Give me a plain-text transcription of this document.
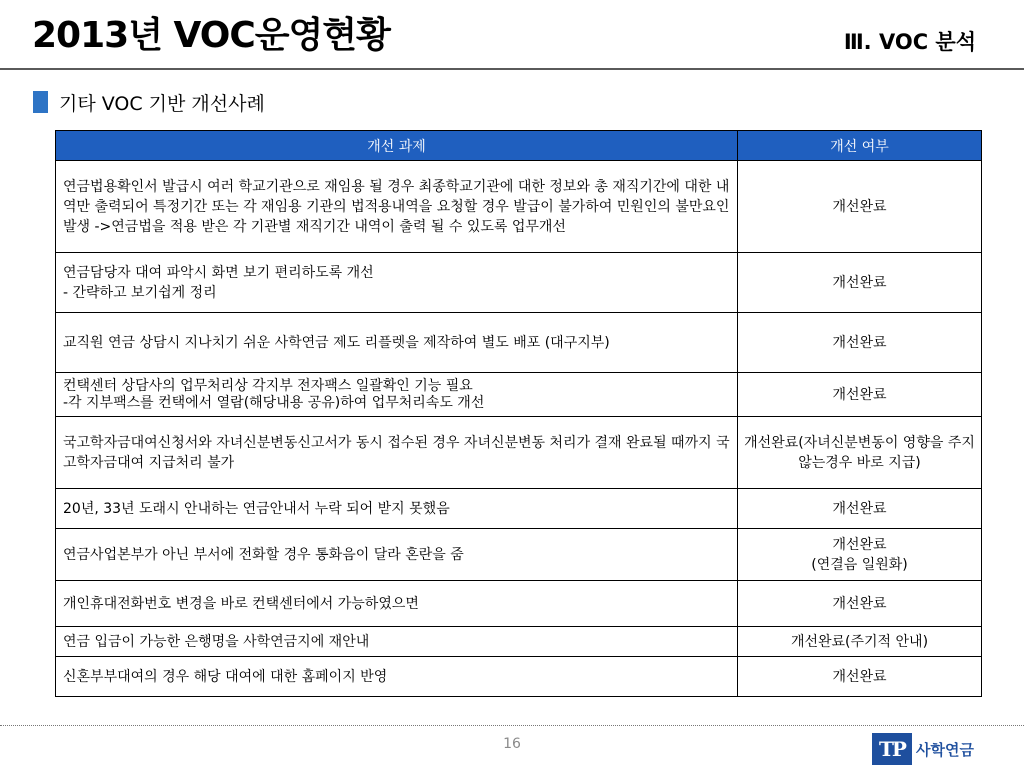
2013년 VOC운영현황	Ⅲ. VOC 분석
기타 VOC 기반 개선사례
개선 과제	개선 여부
연금법용확인서 발급시 여러 학교기관으로 재임용 될 경우 최종학교기관에 대한 정보와 총 재직기간에 대한 내역만 출력되어 특정기간 또는 각 재임용 기관의 법적용내역을 요청할 경우 발급이 불가하여 민원인의 불만요인 발생 ->연금법을 적용 받은 각 기관별 재직기간 내역이 출력 될 수 있도록 업무개선	개선완료
연금담당자 대여 파악시 화면 보기 편리하도록 개선
- 간략하고 보기쉽게 정리	개선완료
교직원 연금 상담시 지나치기 쉬운 사학연금 제도 리플렛을 제작하여 별도 배포 (대구지부)	개선완료
컨택센터 상담사의 업무처리상 각지부 전자팩스 일괄확인 기능 필요
-각 지부팩스를 컨택에서 열람(해당내용 공유)하여 업무처리속도 개선	개선완료
국고학자금대여신청서와 자녀신분변동신고서가 동시 접수된 경우 자녀신분변동 처리가 결재 완료될 때까지 국고학자금대여 지급처리 불가	개선완료(자녀신분변동이 영향을 주지 않는경우 바로 지급)
20년, 33년 도래시 안내하는 연금안내서 누락 되어 받지 못했음	개선완료
연금사업본부가 아닌 부서에 전화할 경우 통화음이 달라 혼란을 줌	개선완료
(연결음 일원화)
개인휴대전화번호 변경을 바로 컨택센터에서 가능하였으면	개선완료
연금 입금이 가능한 은행명을 사학연금지에 재안내	개선완료(주기적 안내)
신혼부부대여의 경우 해당 대여에 대한 홈페이지 반영	개선완료
16	TP 사학연금
